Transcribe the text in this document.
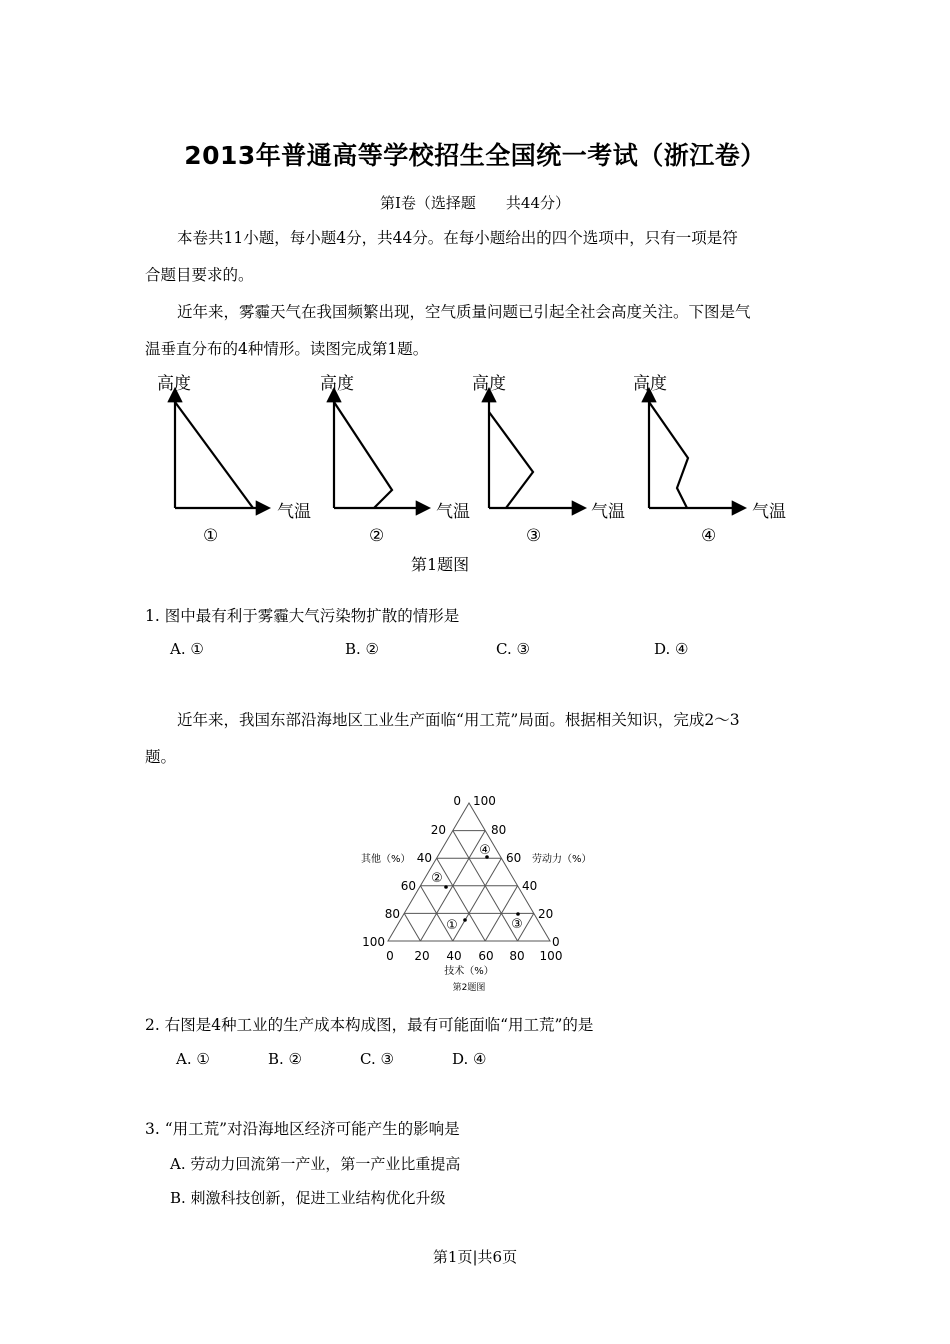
2013年普通高等学校招生全国统一考试（浙江卷）
第Ⅰ卷（选择题　　共44分）
本卷共11小题，每小题4分，共44分。在每小题给出的四个选项中，只有一项是符
合题目要求的。
近年来，雾霾天气在我国频繁出现，空气质量问题已引起全社会高度关注。下图是气
温垂直分布的4种情形。读图完成第1题。
高度	高度	高度	高度
气温	气温	气温	气温
①	②	③	④
第1题图
1. 图中最有利于雾霾大气污染物扩散的情形是
A. ①	B. ②	C. ③	D. ④
近年来，我国东部沿海地区工业生产面临“用工荒”局面。根据相关知识，完成2～3
题。
0 100
20
40
60
80
100
80
60
40
20
0
0 20 40 60 80 100
④
②
①	③
其他（%）	劳动力（%）
技术（%）
第2题图
2. 右图是4种工业的生产成本构成图，最有可能面临“用工荒”的是
A. ①	B. ②	C. ③	D. ④
3. “用工荒”对沿海地区经济可能产生的影响是
A. 劳动力回流第一产业，第一产业比重提高
B. 刺激科技创新，促进工业结构优化升级
第1页|共6页
